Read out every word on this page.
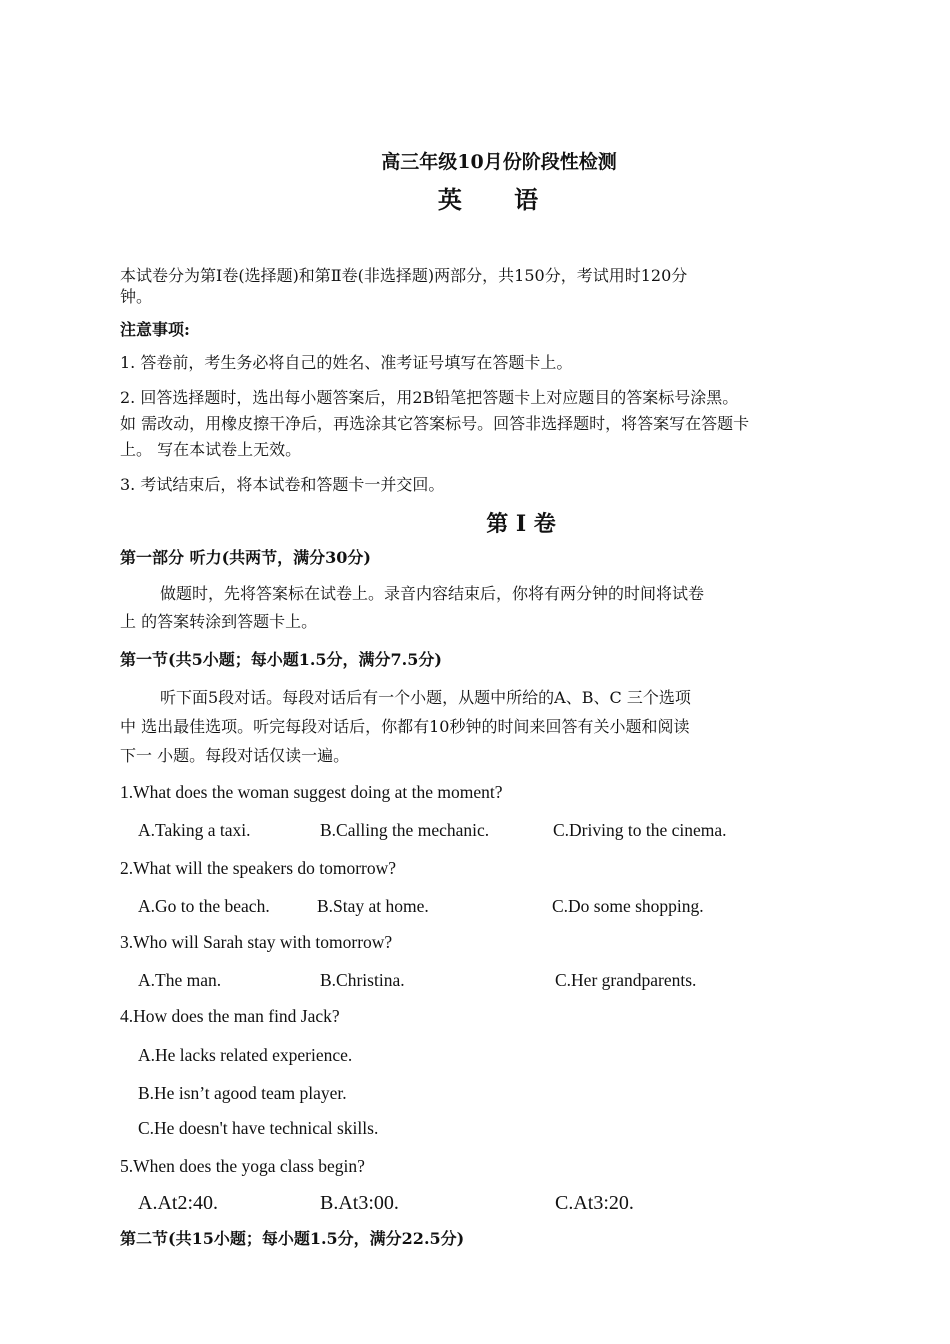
高三年级10月份阶段性检测
英 语
本试卷分为第Ⅰ卷(选择题)和第Ⅱ卷(非选择题)两部分，共150分，考试用时120分
钟。
注意事项:
1. 答卷前，考生务必将自己的姓名、准考证号填写在答题卡上。
2. 回答选择题时，选出每小题答案后，用2B铅笔把答题卡上对应题目的答案标号涂黑。
如 需改动，用橡皮擦干净后，再选涂其它答案标号。回答非选择题时，将答案写在答题卡
上。 写在本试卷上无效。
3. 考试结束后，将本试卷和答题卡一并交回。
第 I 卷
第一部分 听力(共两节，满分30分)
做题时，先将答案标在试卷上。录音内容结束后，你将有两分钟的时间将试卷
上 的答案转涂到答题卡上。
第一节(共5小题；每小题1.5分，满分7.5分)
听下面5段对话。每段对话后有一个小题，从题中所给的A、B、C 三个选项
中 选出最佳选项。听完每段对话后，你都有10秒钟的时间来回答有关小题和阅读
下一 小题。每段对话仅读一遍。
1.What does the woman suggest doing at the moment?
A.Taking a taxi.	B.Calling the mechanic.	C.Driving to the cinema.
2.What will the speakers do tomorrow?
A.Go to the beach.	B.Stay at home.	C.Do some shopping.
3.Who will Sarah stay with tomorrow?
A.The man.	B.Christina.	C.Her grandparents.
4.How does the man find Jack?
A.He lacks related experience.
B.He isn’t agood team player.
C.He doesn't have technical skills.
5.When does the yoga class begin?
A.At2:40.	B.At3:00.	C.At3:20.
第二节(共15小题；每小题1.5分，满分22.5分)
